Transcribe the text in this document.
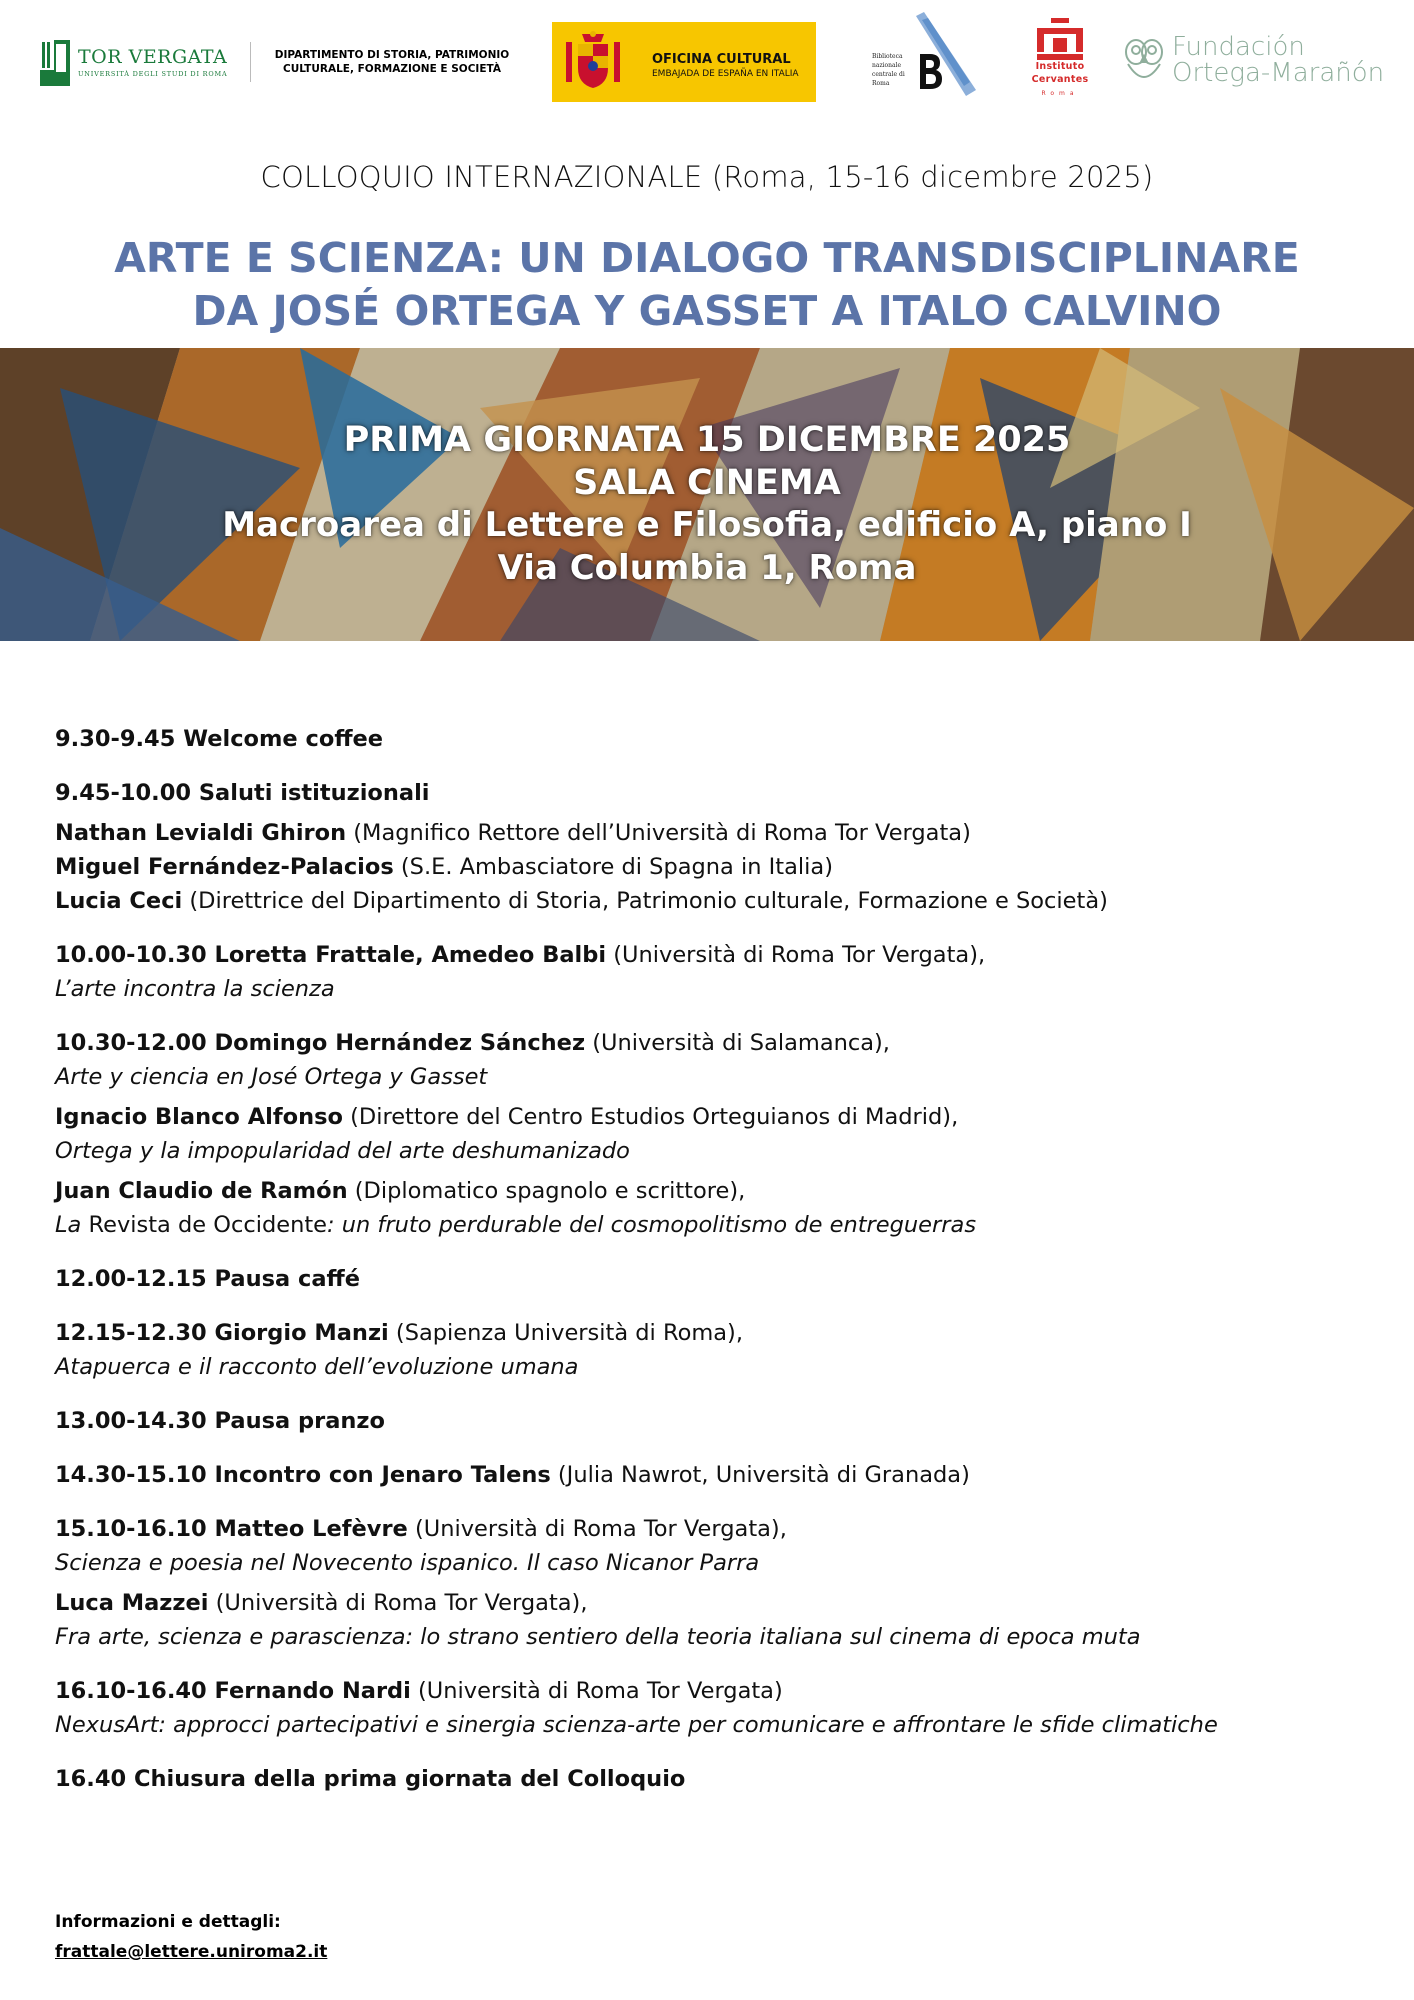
TOR VERGATA
UNIVERSITÀ DEGLI STUDI DI ROMA
DIPARTIMENTO DI STORIA, PATRIMONIO
CULTURALE, FORMAZIONE E SOCIETÀ
OFICINA CULTURAL
EMBAJADA DE ESPAÑA EN ITALIA
Biblioteca nazionale centrale di Roma
Instituto
Cervantes
Roma
Fundación
Ortega-Marañón
COLLOQUIO INTERNAZIONALE (Roma, 15-16 dicembre 2025)
ARTE E SCIENZA: UN DIALOGO TRANSDISCIPLINARE
DA JOSÉ ORTEGA Y GASSET A ITALO CALVINO
PRIMA GIORNATA 15 DICEMBRE 2025
SALA CINEMA
Macroarea di Lettere e Filosofia, edificio A, piano I
Via Columbia 1, Roma
9.30-9.45 Welcome coffee
9.45-10.00 Saluti istituzionali
Nathan Levialdi Ghiron (Magnifico Rettore dell’Università di Roma Tor Vergata)
Miguel Fernández-Palacios (S.E. Ambasciatore di Spagna in Italia)
Lucia Ceci (Direttrice del Dipartimento di Storia, Patrimonio culturale, Formazione e Società)
10.00-10.30 Loretta Frattale, Amedeo Balbi (Università di Roma Tor Vergata),
L’arte incontra la scienza
10.30-12.00 Domingo Hernández Sánchez (Università di Salamanca),
Arte y ciencia en José Ortega y Gasset
Ignacio Blanco Alfonso (Direttore del Centro Estudios Orteguianos di Madrid),
Ortega y la impopularidad del arte deshumanizado
Juan Claudio de Ramón (Diplomatico spagnolo e scrittore),
La Revista de Occidente: un fruto perdurable del cosmopolitismo de entreguerras
12.00-12.15 Pausa caffé
12.15-12.30 Giorgio Manzi (Sapienza Università di Roma),
Atapuerca e il racconto dell’evoluzione umana
13.00-14.30 Pausa pranzo
14.30-15.10 Incontro con Jenaro Talens (Julia Nawrot, Università di Granada)
15.10-16.10 Matteo Lefèvre (Università di Roma Tor Vergata),
Scienza e poesia nel Novecento ispanico. Il caso Nicanor Parra
Luca Mazzei (Università di Roma Tor Vergata),
Fra arte, scienza e parascienza: lo strano sentiero della teoria italiana sul cinema di epoca muta
16.10-16.40 Fernando Nardi (Università di Roma Tor Vergata)
NexusArt: approcci partecipativi e sinergia scienza-arte per comunicare e affrontare le sfide climatiche
16.40 Chiusura della prima giornata del Colloquio
Informazioni e dettagli:
frattale@lettere.uniroma2.it
